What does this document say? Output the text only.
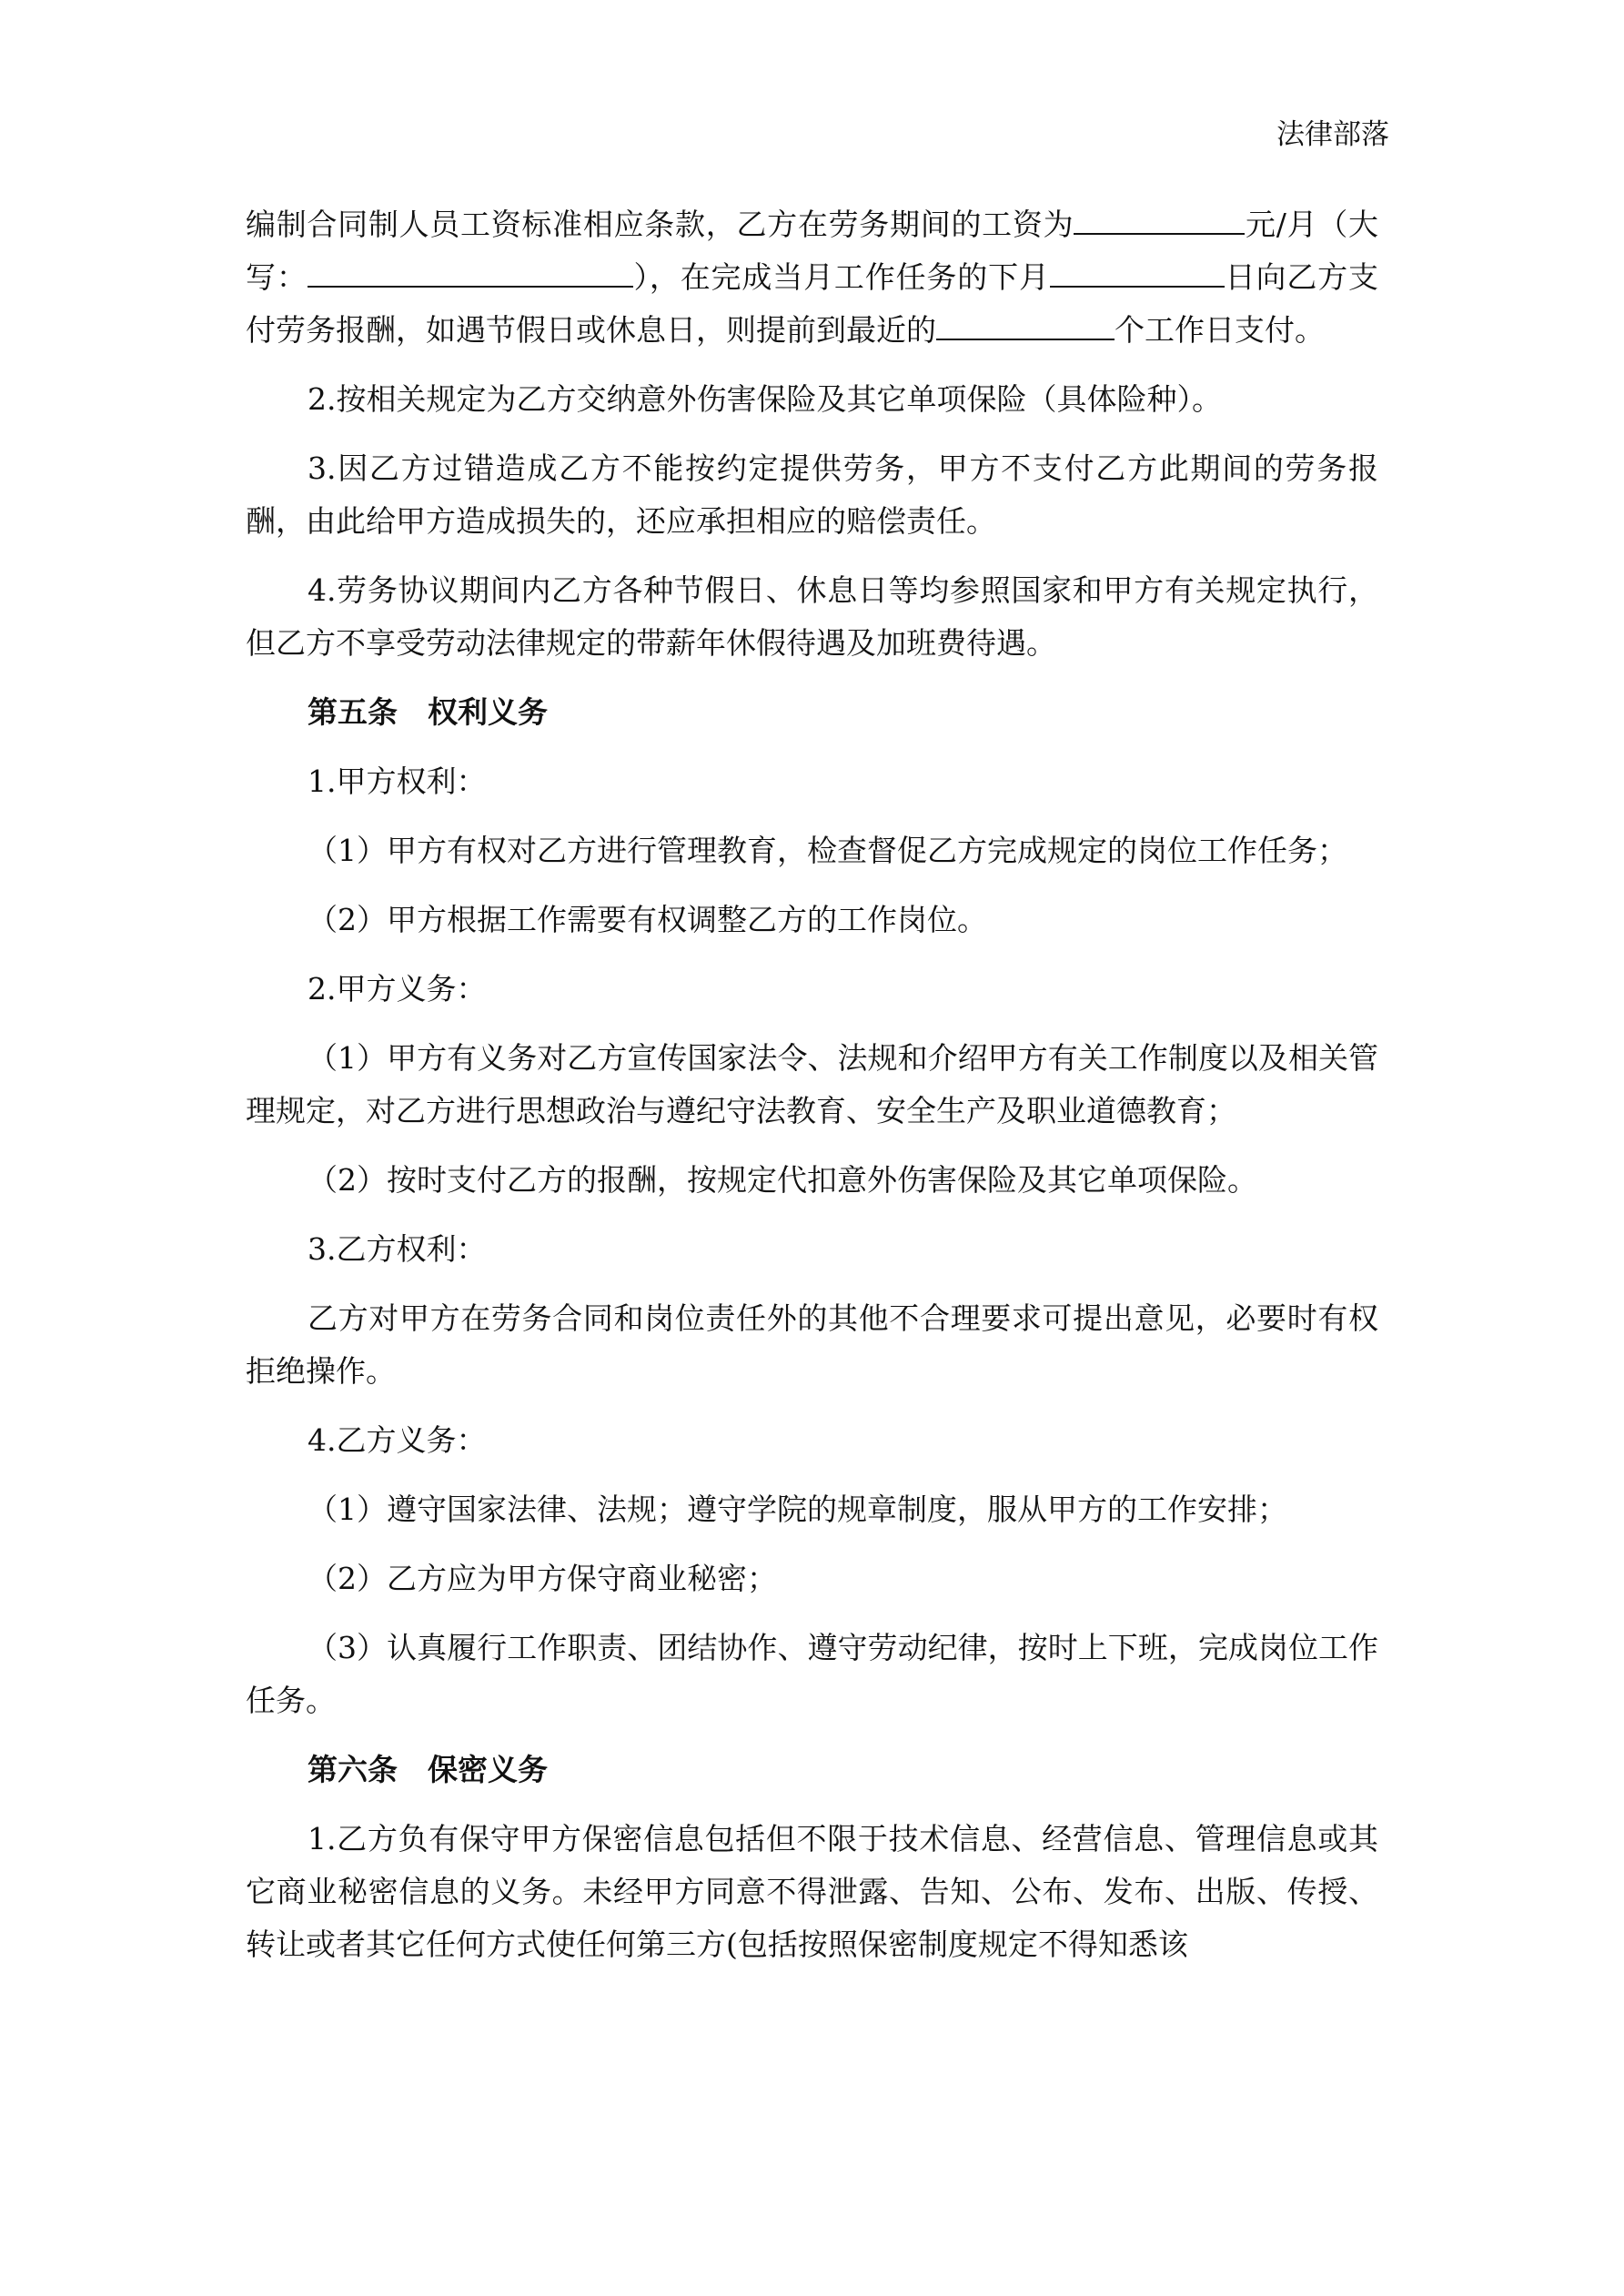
法律部落

编制合同制人员工资标准相应条款，乙方在劳务期间的工资为	元/月（大写：	），在完成当月工作任务的下月	日向乙方支付劳务报酬，如遇节假日或休息日，则提前到最近的	个工作日支付。

2.按相关规定为乙方交纳意外伤害保险及其它单项保险（具体险种）。

3.因乙方过错造成乙方不能按约定提供劳务，甲方不支付乙方此期间的劳务报酬，由此给甲方造成损失的，还应承担相应的赔偿责任。

4.劳务协议期间内乙方各种节假日、休息日等均参照国家和甲方有关规定执行，但乙方不享受劳动法律规定的带薪年休假待遇及加班费待遇。

第五条　权利义务

1.甲方权利：

（1）甲方有权对乙方进行管理教育，检查督促乙方完成规定的岗位工作任务；

（2）甲方根据工作需要有权调整乙方的工作岗位。

2.甲方义务：

（1）甲方有义务对乙方宣传国家法令、法规和介绍甲方有关工作制度以及相关管理规定，对乙方进行思想政治与遵纪守法教育、安全生产及职业道德教育；

（2）按时支付乙方的报酬，按规定代扣意外伤害保险及其它单项保险。

3.乙方权利：

乙方对甲方在劳务合同和岗位责任外的其他不合理要求可提出意见，必要时有权拒绝操作。

4.乙方义务：

（1）遵守国家法律、法规；遵守学院的规章制度，服从甲方的工作安排；

（2）乙方应为甲方保守商业秘密；

（3）认真履行工作职责、团结协作、遵守劳动纪律，按时上下班，完成岗位工作任务。

第六条　保密义务

1.乙方负有保守甲方保密信息包括但不限于技术信息、经营信息、管理信息或其它商业秘密信息的义务。未经甲方同意不得泄露、告知、公布、发布、出版、传授、转让或者其它任何方式使任何第三方(包括按照保密制度规定不得知悉该
